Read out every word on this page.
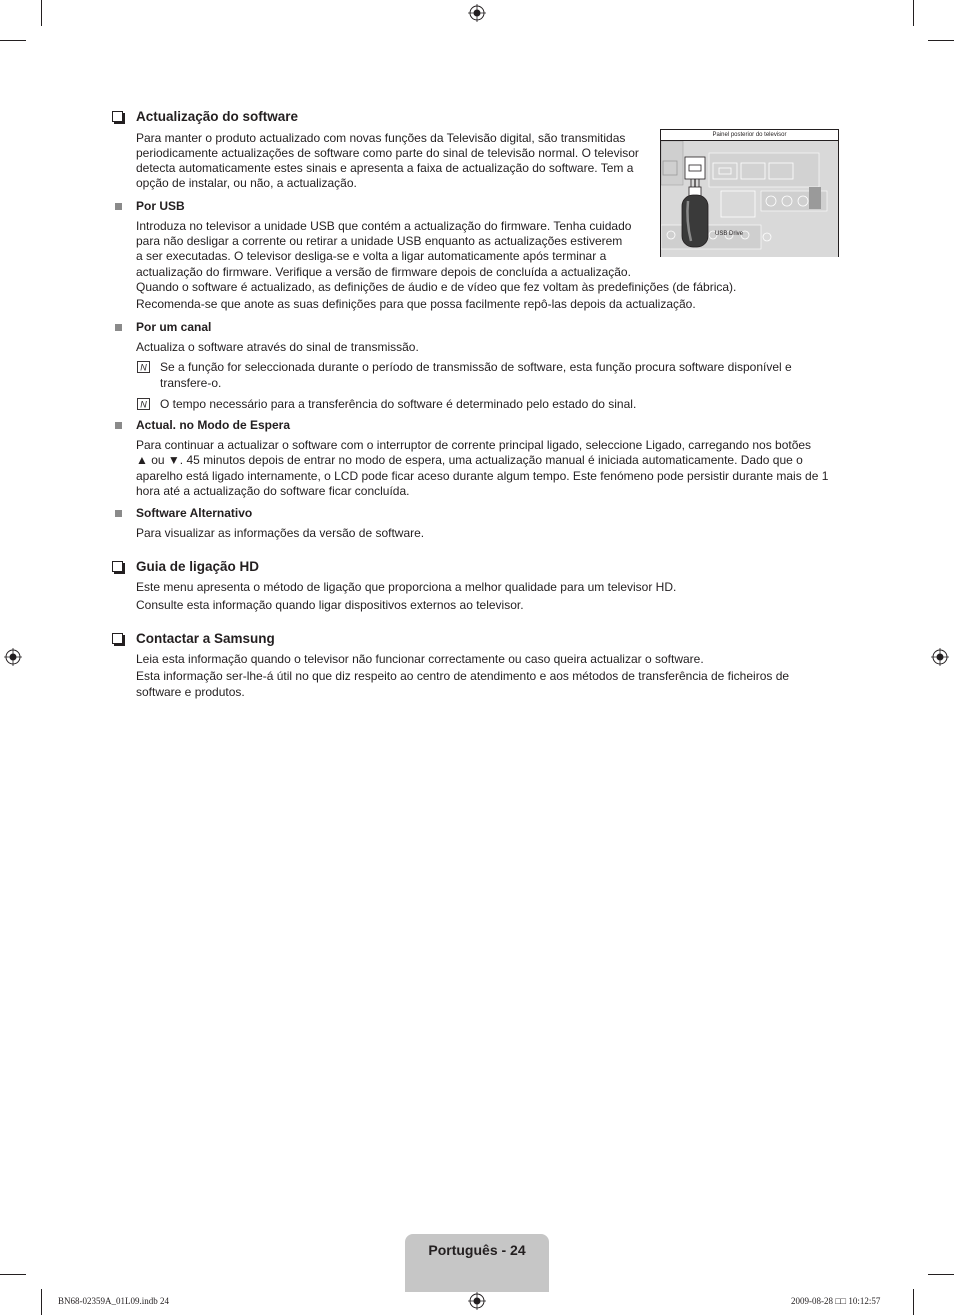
Actualização do software

Para manter o produto actualizado com novas funções da Televisão digital, são transmitidas

periodicamente actualizações de software como parte do sinal de televisão normal. O televisor

detecta automaticamente estes sinais e apresenta a faixa de actualização do software. Tem a

opção de instalar, ou não, a actualização.

Painel posterior do televisor
USB Drive
Por USB

Introduza no televisor a unidade USB que contém a actualização do firmware. Tenha cuidado

para não desligar a corrente ou retirar a unidade USB enquanto as actualizações estiverem

a ser executadas. O televisor desliga-se e volta a ligar automaticamente após terminar a

actualização do firmware. Verifique a versão de firmware depois de concluída a actualização.

Quando o software é actualizado, as definições de áudio e de vídeo que fez voltam às predefinições (de fábrica).

Recomenda-se que anote as suas definições para que possa facilmente repô-las depois da actualização.

Por um canal

Actualiza o software através do sinal de transmissão.

N Se a função for seleccionada durante o período de transmissão de software, esta função procura software disponível e

transfere-o.

N O tempo necessário para a transferência do software é determinado pelo estado do sinal.

Actual. no Modo de Espera

Para continuar a actualizar o software com o interruptor de corrente principal ligado, seleccione Ligado, carregando nos botões

▲ ou ▼. 45 minutos depois de entrar no modo de espera, uma actualização manual é iniciada automaticamente. Dado que o

aparelho está ligado internamente, o LCD pode ficar aceso durante algum tempo. Este fenómeno pode persistir durante mais de 1

hora até a actualização do software ficar concluída.

Software Alternativo

Para visualizar as informações da versão de software.

Guia de ligação HD

Este menu apresenta o método de ligação que proporciona a melhor qualidade para um televisor HD.

Consulte esta informação quando ligar dispositivos externos ao televisor.

Contactar a Samsung

Leia esta informação quando o televisor não funcionar correctamente ou caso queira actualizar o software.

Esta informação ser-lhe-á útil no que diz respeito ao centro de atendimento e aos métodos de transferência de ficheiros de

software e produtos.

Português - 24
BN68-02359A_01L09.indb 24	2009-08-28 □□ 10:12:57
